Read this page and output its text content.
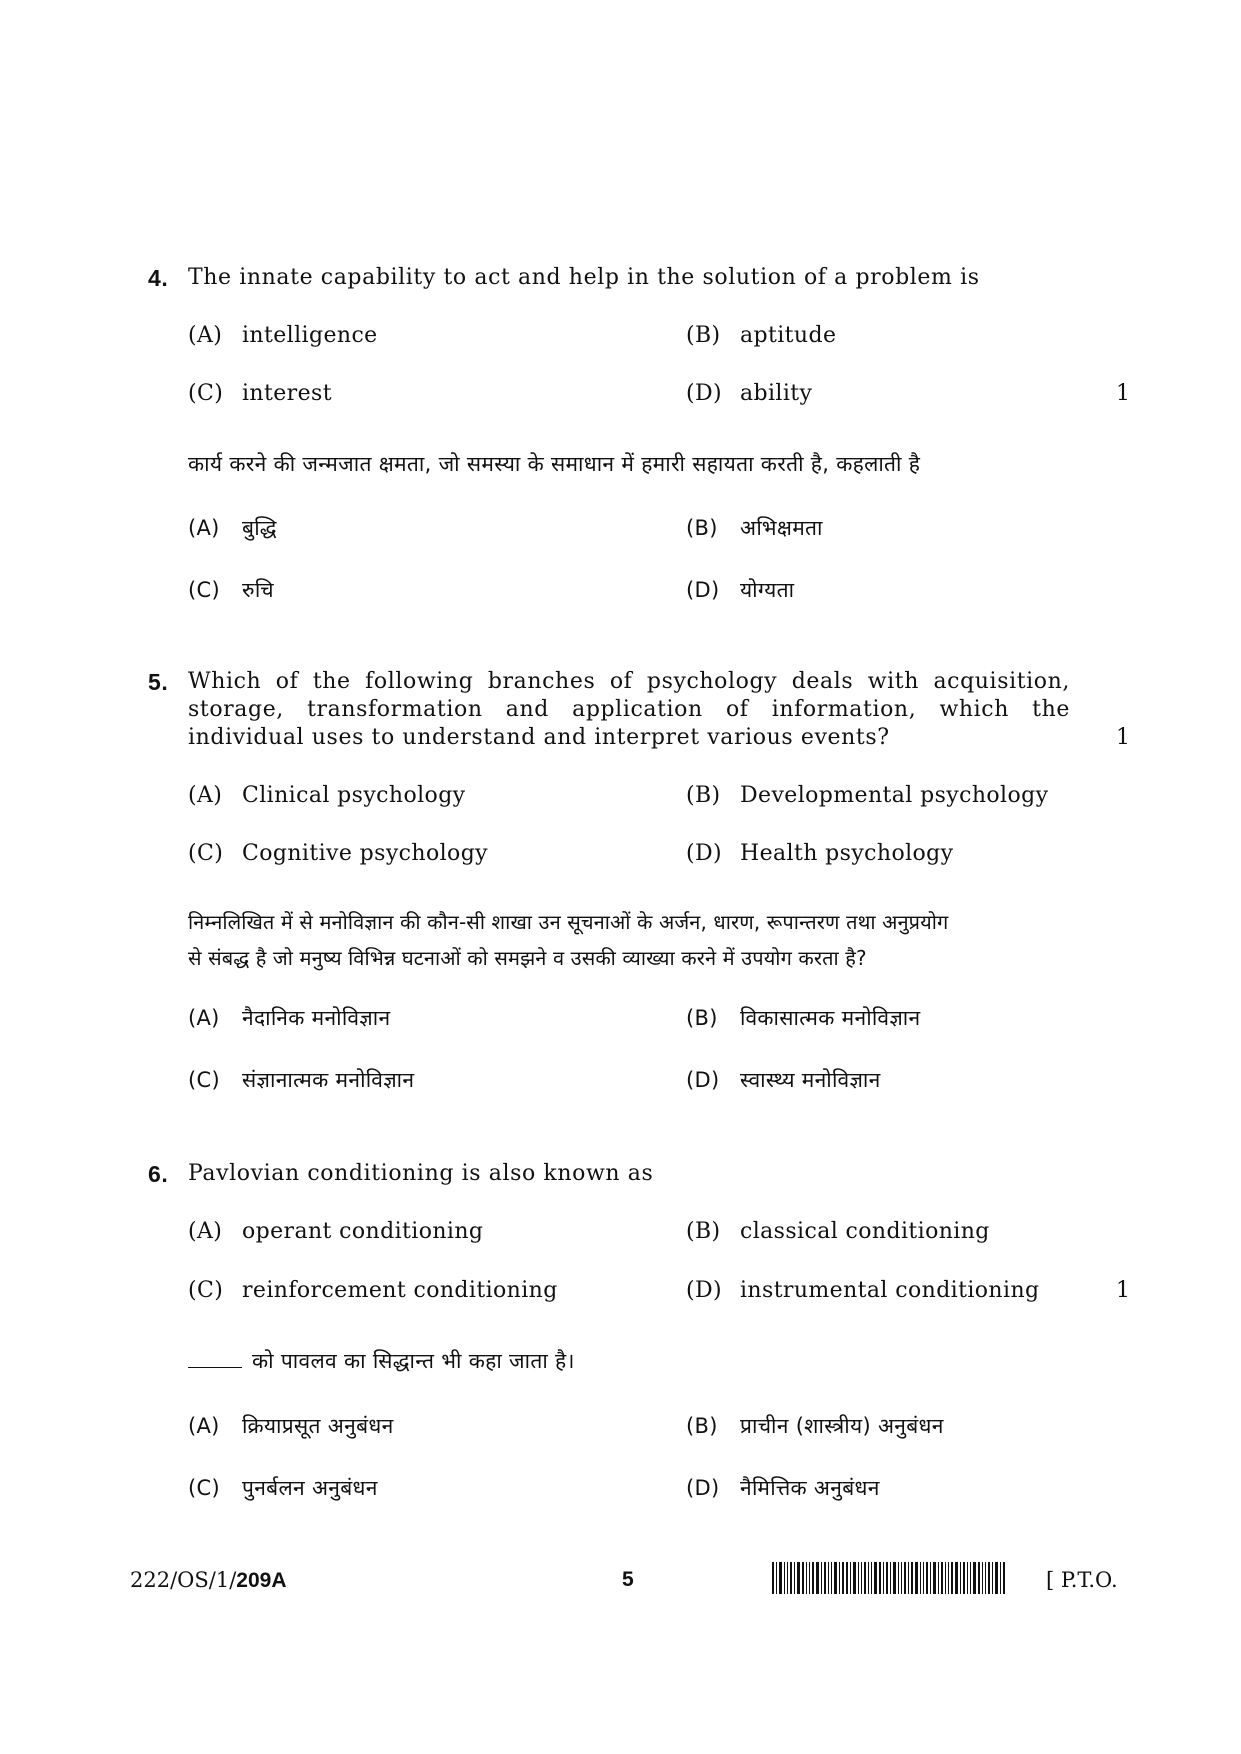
4. The innate capability to act and help in the solution of a problem is
(A) intelligence	(B) aptitude
(C) interest	(D) ability	1
कार्य करने की जन्मजात क्षमता, जो समस्या के समाधान में हमारी सहायता करती है, कहलाती है
(A) बुद्धि	(B) अभिक्षमता
(C) रुचि	(D) योग्यता
5. Which of the following branches of psychology deals with acquisition,
storage, transformation and application of information, which the
individual uses to understand and interpret various events?	1
(A) Clinical psychology	(B) Developmental psychology
(C) Cognitive psychology	(D) Health psychology
निम्नलिखित में से मनोविज्ञान की कौन-सी शाखा उन सूचनाओं के अर्जन, धारण, रूपान्तरण तथा अनुप्रयोग
से संबद्ध है जो मनुष्य विभिन्न घटनाओं को समझने व उसकी व्याख्या करने में उपयोग करता है?
(A) नैदानिक मनोविज्ञान	(B) विकासात्मक मनोविज्ञान
(C) संज्ञानात्मक मनोविज्ञान	(D) स्वास्थ्य मनोविज्ञान
6. Pavlovian conditioning is also known as
(A) operant conditioning	(B) classical conditioning
(C) reinforcement conditioning	(D) instrumental conditioning	1
को पावलव का सिद्धान्त भी कहा जाता है।
(A) क्रियाप्रसूत अनुबंधन	(B) प्राचीन (शास्त्रीय) अनुबंधन
(C) पुनर्बलन अनुबंधन	(D) नैमित्तिक अनुबंधन
222/OS/1/209A	5	[ P.T.O.
